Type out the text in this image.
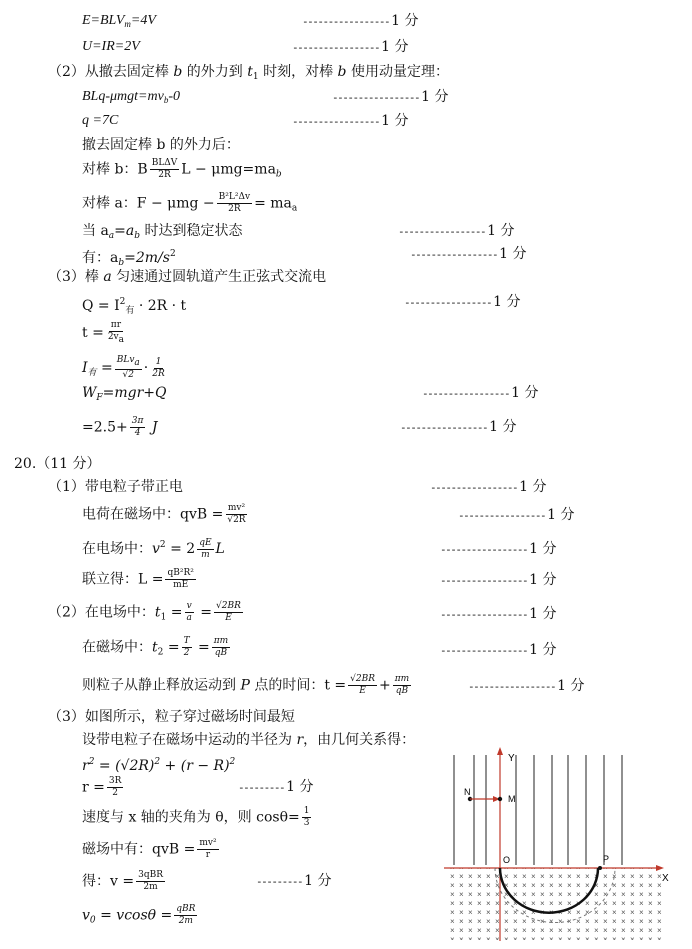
$E=BLV_m=4V$	----------------- 1 分
U=IR=2V	----------------- 1 分
（2）从撤去固定棒 b 的外力到 $t_1$ 时刻，对棒 b 使用动量定理：
BLq-$\mu mgt=mv_b-0$	----------------- 1 分
q =7C	----------------- 1 分
撤去固定棒 b 的外力后：
对棒 b：B $\frac{\text{BLΔV}}{2R}$ $L - \mu mg=ma_b$
对棒 a：$F - \mu mg - \frac{\text{B²L²Δv}}{2R} = ma_a$
当 $a_a=a_b$ 时达到稳定状态	----------------- 1 分
有：$a_b=2m/s^2$	----------------- 1 分
（3）棒 a 匀速通过圆轨道产生正弦式交流电
$Q = I^2_有 \cdot 2R \cdot t$	----------------- 1 分
$t = \frac{\pi r}{2va}$
$I_有 = \frac{\text{BLva}}{√2} \cdot \frac{1}{2R}$
$W_F=mgr+Q$	----------------- 1 分
$=2.5+ \frac{3\pi}{4}$ J	----------------- 1 分
20.（11 分）
（1）带电粒子带正电	----------------- 1 分
电荷在磁场中：qvB = $\frac{\text{mv²}}{√2R}$	----------------- 1 分
在电场中：$v^2 = 2 \frac{qE}{m}$ L	----------------- 1 分
联立得：$L = \frac{\text{qB²R²}}{mE}$	----------------- 1 分
（2）在电场中：$t_1 = \frac{v}{a} = \frac{√2BR}{E}$	----------------- 1 分
在磁场中：$t_2 = \frac{T}{2} = \frac{\pi m}{qB}$	----------------- 1 分
则粒子从静止释放运动到 P 点的时间：$t = \frac{√2BR}{E} + \frac{\pi m}{qB}$	----------------- 1 分
（3）如图所示，粒子穿过磁场时间最短
设带电粒子在磁场中运动的半径为 r，由几何关系得：
$r^2 = (√2R)^2 + (r - R)^2$
$r = \frac{3R}{2}$	--------- 1 分
速度与 x 轴的夹角为 θ，则 $\cos\theta= \frac{1}{3}$
磁场中有：qvB = $\frac{\text{mv²}}{r}$
得：$v = \frac{\text{3qBR}}{2m}$	--------- 1 分
$v_0 = vcos\theta = \frac{\text{qBR}}{2m}$
Y
X
O	P
N
M
